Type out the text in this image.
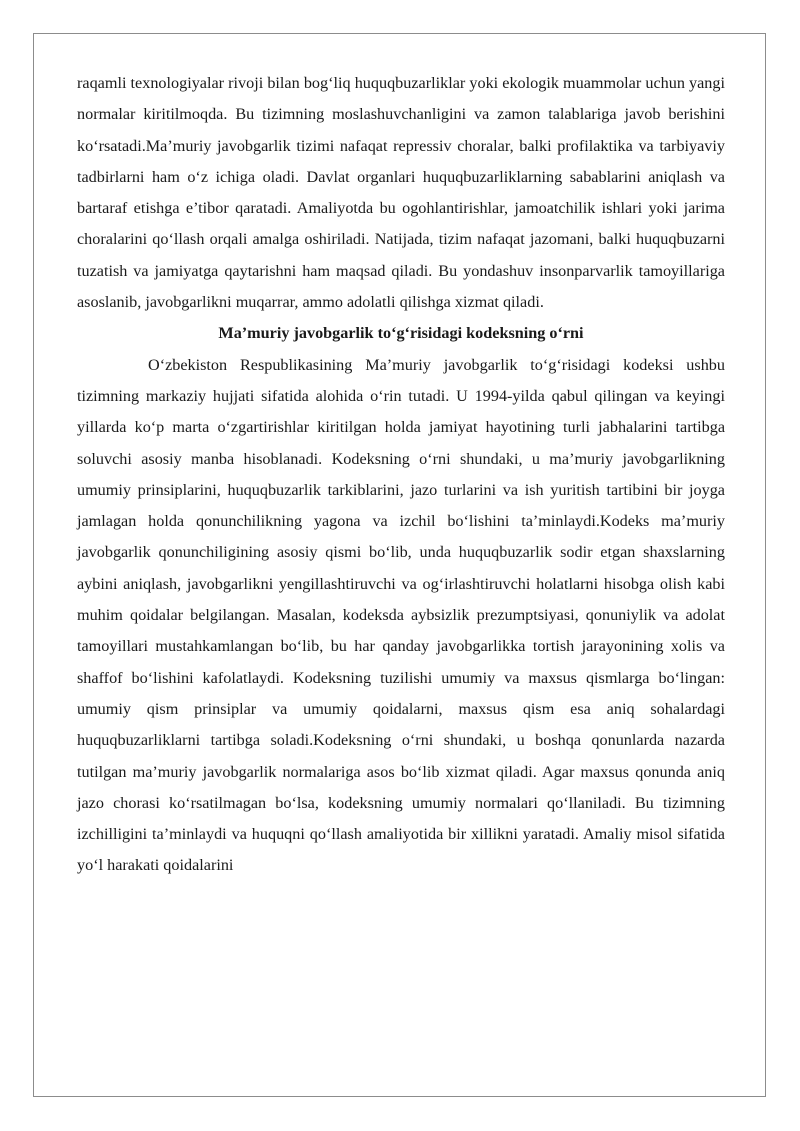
raqamli texnologiyalar rivoji bilan bog‘liq huquqbuzarliklar yoki ekologik muammolar uchun yangi normalar kiritilmoqda. Bu tizimning moslashuvchanligini va zamon talablariga javob berishini ko‘rsatadi.Ma’muriy javobgarlik tizimi nafaqat repressiv choralar, balki profilaktika va tarbiyaviy tadbirlarni ham o‘z ichiga oladi. Davlat organlari huquqbuzarliklarning sabablarini aniqlash va bartaraf etishga e’tibor qaratadi. Amaliyotda bu ogohlantirishlar, jamoatchilik ishlari yoki jarima choralarini qo‘llash orqali amalga oshiriladi. Natijada, tizim nafaqat jazomani, balki huquqbuzarni tuzatish va jamiyatga qaytarishni ham maqsad qiladi. Bu yondashuv insonparvarlik tamoyillariga asoslanib, javobgarlikni muqarrar, ammo adolatli qilishga xizmat qiladi.

Ma’muriy javobgarlik to‘g‘risidagi kodeksning o‘rni

O‘zbekiston Respublikasining Ma’muriy javobgarlik to‘g‘risidagi kodeksi ushbu tizimning markaziy hujjati sifatida alohida o‘rin tutadi. U 1994-yilda qabul qilingan va keyingi yillarda ko‘p marta o‘zgartirishlar kiritilgan holda jamiyat hayotining turli jabhalarini tartibga soluvchi asosiy manba hisoblanadi. Kodeksning o‘rni shundaki, u ma’muriy javobgarlikning umumiy prinsiplarini, huquqbuzarlik tarkiblarini, jazo turlarini va ish yuritish tartibini bir joyga jamlagan holda qonunchilikning yagona va izchil bo‘lishini ta’minlaydi.Kodeks ma’muriy javobgarlik qonunchiligining asosiy qismi bo‘lib, unda huquqbuzarlik sodir etgan shaxslarning aybini aniqlash, javobgarlikni yengillashtiruvchi va og‘irlashtiruvchi holatlarni hisobga olish kabi muhim qoidalar belgilangan. Masalan, kodeksda aybsizlik prezumptsiyasi, qonuniylik va adolat tamoyillari mustahkamlangan bo‘lib, bu har qanday javobgarlikka tortish jarayonining xolis va shaffof bo‘lishini kafolatlaydi. Kodeksning tuzilishi umumiy va maxsus qismlarga bo‘lingan: umumiy qism prinsiplar va umumiy qoidalarni, maxsus qism esa aniq sohalardagi huquqbuzarliklarni tartibga soladi.Kodeksning o‘rni shundaki, u boshqa qonunlarda nazarda tutilgan ma’muriy javobgarlik normalariga asos bo‘lib xizmat qiladi. Agar maxsus qonunda aniq jazo chorasi ko‘rsatilmagan bo‘lsa, kodeksning umumiy normalari qo‘llaniladi. Bu tizimning izchilligini ta’minlaydi va huquqni qo‘llash amaliyotida bir xillikni yaratadi. Amaliy misol sifatida yo‘l harakati qoidalarini
